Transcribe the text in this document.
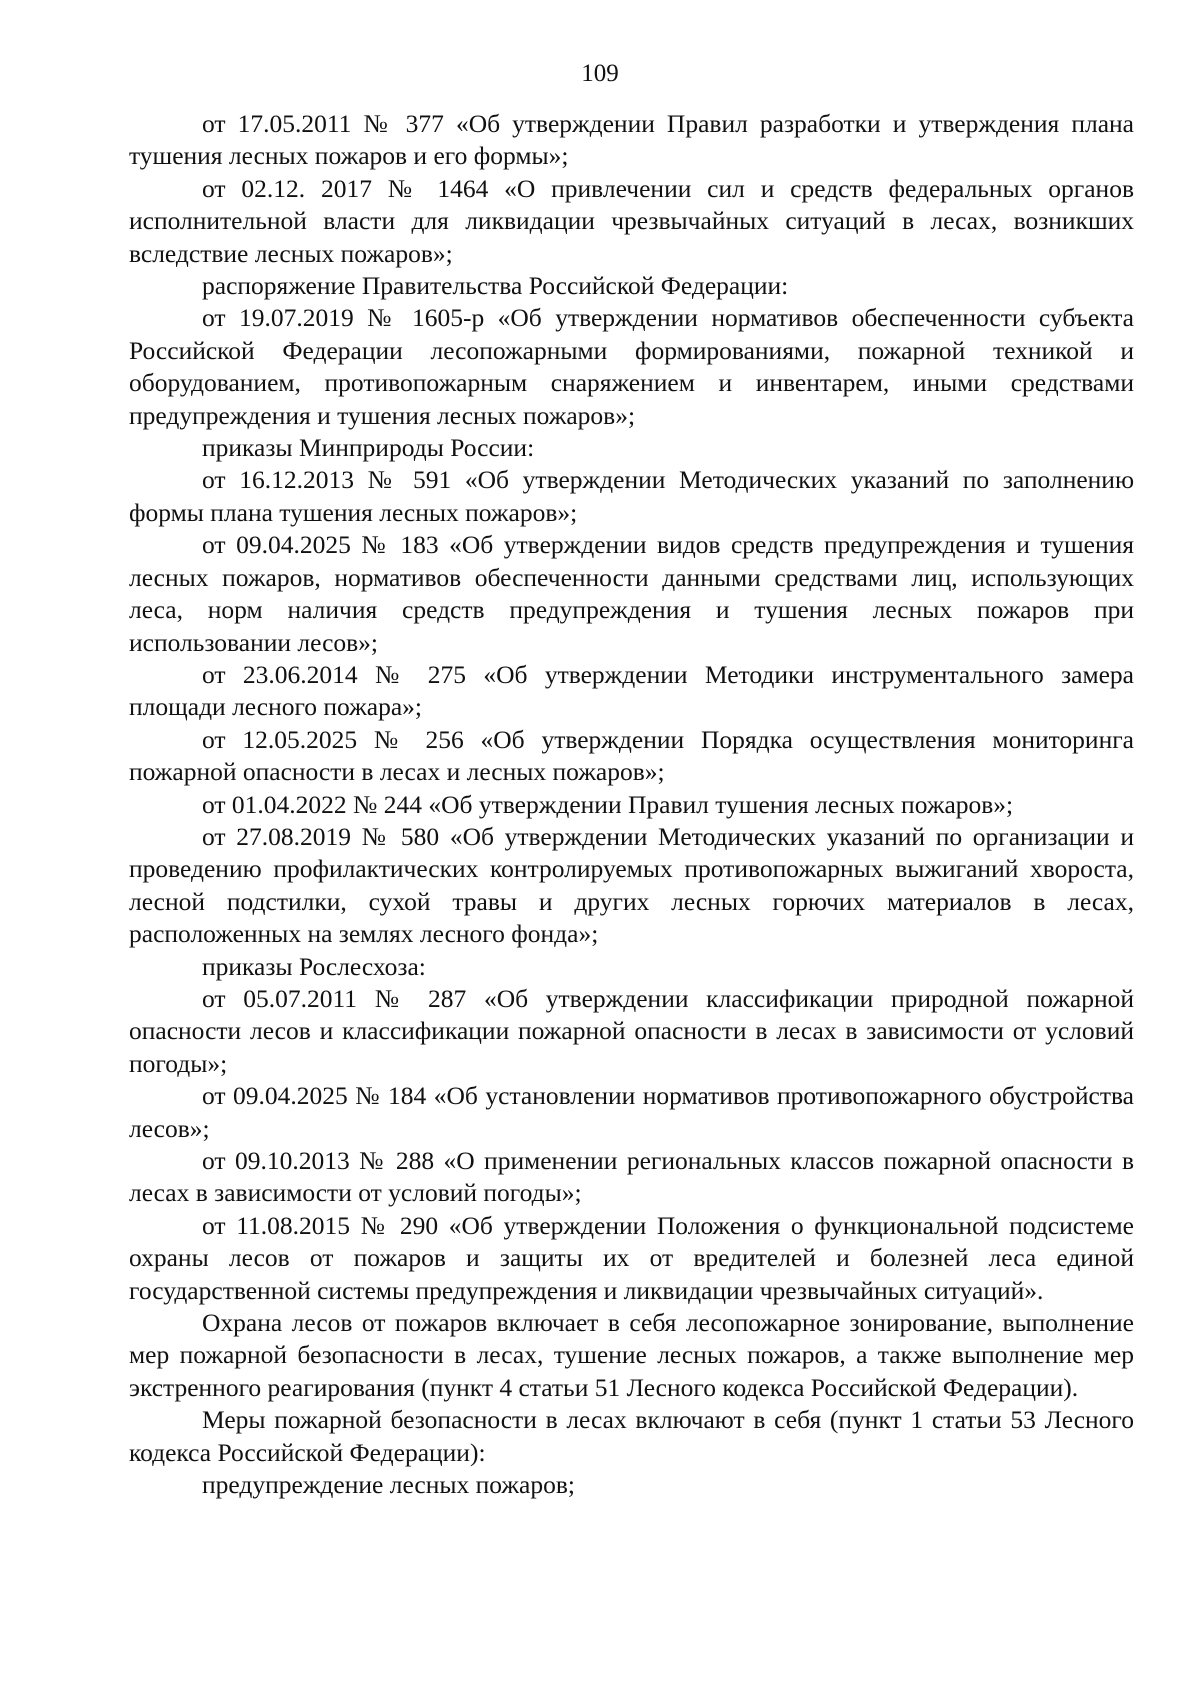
109

от 17.05.2011 № 377 «Об утверждении Правил разработки и утверждения плана тушения лесных пожаров и его формы»;

от 02.12. 2017 № 1464 «О привлечении сил и средств федеральных органов исполнительной власти для ликвидации чрезвычайных ситуаций в лесах, возникших вследствие лесных пожаров»;

распоряжение Правительства Российской Федерации:

от 19.07.2019 № 1605-р «Об утверждении нормативов обеспеченности субъекта Российской Федерации лесопожарными формированиями, пожарной техникой и оборудованием, противопожарным снаряжением и инвентарем, иными средствами предупреждения и тушения лесных пожаров»;

приказы Минприроды России:

от 16.12.2013 № 591 «Об утверждении Методических указаний по заполнению формы плана тушения лесных пожаров»;

от 09.04.2025 № 183 «Об утверждении видов средств предупреждения и тушения лесных пожаров, нормативов обеспеченности данными средствами лиц, использующих леса, норм наличия средств предупреждения и тушения лесных пожаров при использовании лесов»;

от 23.06.2014 № 275 «Об утверждении Методики инструментального замера площади лесного пожара»;

от 12.05.2025 № 256 «Об утверждении Порядка осуществления мониторинга пожарной опасности в лесах и лесных пожаров»;

от 01.04.2022 № 244 «Об утверждении Правил тушения лесных пожаров»;

от 27.08.2019 № 580 «Об утверждении Методических указаний по организации и проведению профилактических контролируемых противопожарных выжиганий хвороста, лесной подстилки, сухой травы и других лесных горючих материалов в лесах, расположенных на землях лесного фонда»;

приказы Рослесхоза:

от 05.07.2011 № 287 «Об утверждении классификации природной пожарной опасности лесов и классификации пожарной опасности в лесах в зависимости от условий погоды»;

от 09.04.2025 № 184 «Об установлении нормативов противопожарного обустройства лесов»;

от 09.10.2013 № 288 «О применении региональных классов пожарной опасности в лесах в зависимости от условий погоды»;

от 11.08.2015 № 290 «Об утверждении Положения о функциональной подсистеме охраны лесов от пожаров и защиты их от вредителей и болезней леса единой государственной системы предупреждения и ликвидации чрезвычайных ситуаций».

Охрана лесов от пожаров включает в себя лесопожарное зонирование, выполнение мер пожарной безопасности в лесах, тушение лесных пожаров, а также выполнение мер экстренного реагирования (пункт 4 статьи 51 Лесного кодекса Российской Федерации).

Меры пожарной безопасности в лесах включают в себя (пункт 1 статьи 53 Лесного кодекса Российской Федерации):

предупреждение лесных пожаров;
